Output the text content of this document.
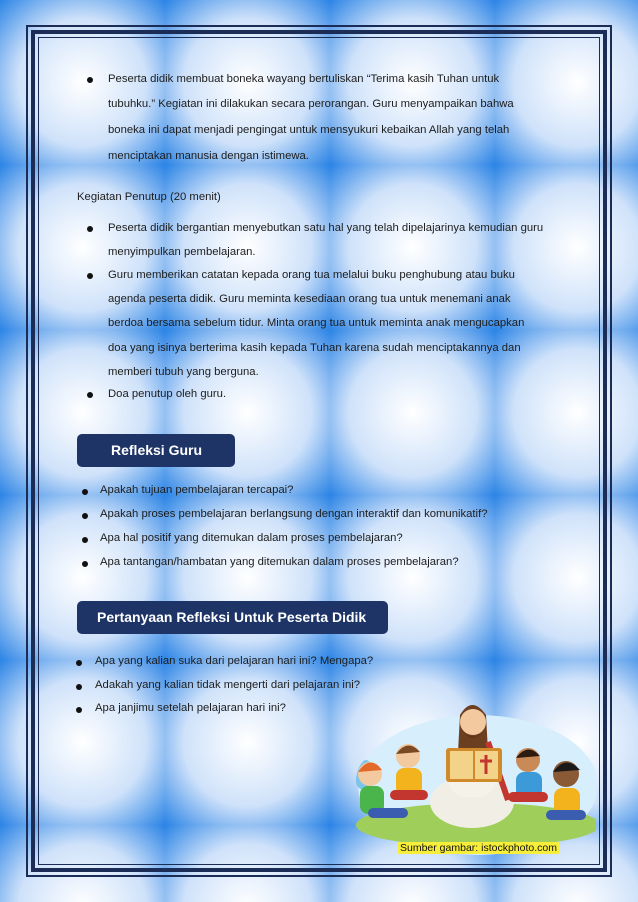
Peserta didik membuat boneka wayang bertuliskan “Terima kasih Tuhan untuk
tubuhku.” Kegiatan ini dilakukan secara perorangan. Guru menyampaikan bahwa
boneka ini dapat menjadi pengingat untuk mensyukuri kebaikan Allah yang telah
menciptakan manusia dengan istimewa.
Kegiatan Penutup (20 menit)
Peserta didik bergantian menyebutkan satu hal yang telah dipelajarinya kemudian guru
menyimpulkan pembelajaran.
Guru memberikan catatan kepada orang tua melalui buku penghubung atau buku
agenda peserta didik. Guru meminta kesediaan orang tua untuk menemani anak
berdoa bersama sebelum tidur. Minta orang tua untuk meminta anak mengucapkan
doa yang isinya berterima kasih kepada Tuhan karena sudah menciptakannya dan
memberi tubuh yang berguna.
Doa penutup oleh guru.
Refleksi Guru
Apakah tujuan pembelajaran tercapai?
Apakah proses pembelajaran berlangsung dengan interaktif dan komunikatif?
Apa hal positif yang ditemukan dalam proses pembelajaran?
Apa tantangan/hambatan yang ditemukan dalam proses pembelajaran?
Pertanyaan Refleksi Untuk Peserta Didik
Apa yang kalian suka dari pelajaran hari ini? Mengapa?
Adakah yang kalian tidak mengerti dari pelajaran ini?
Apa janjimu setelah pelajaran hari ini?
Sumber gambar: istockphoto.com
